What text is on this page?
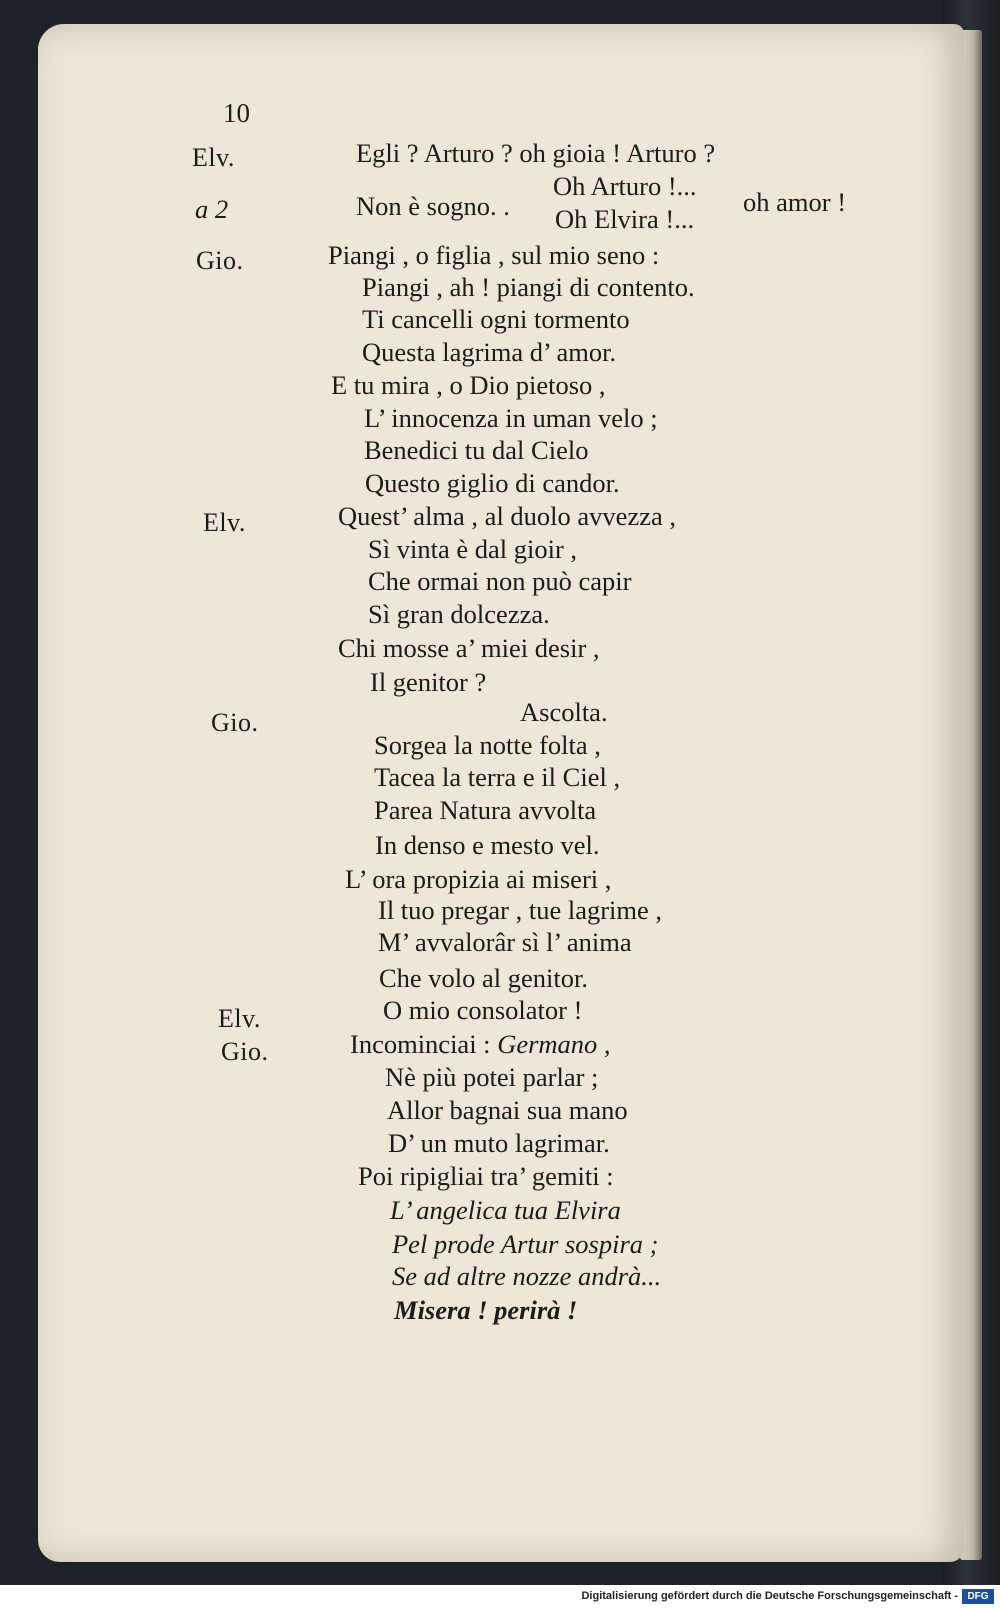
10
Elv.	Egli ? Arturo ? oh gioia ! Arturo ?
a 2	Non è sogno. .
Oh Arturo !...
Oh Elvira !...
oh amor !
Gio.	Piangi , o figlia , sul mio seno :
Piangi , ah ! piangi di contento.
Ti cancelli ogni tormento
Questa lagrima d’ amor.
E tu mira , o Dio pietoso ,
L’ innocenza in uman velo ;
Benedici tu dal Cielo
Questo giglio di candor.
Elv.	Quest’ alma , al duolo avvezza ,
Sì vinta è dal gioir ,
Che ormai non può capir
Sì gran dolcezza.
Chi mosse a’ miei desir ,
Il genitor ?
Gio.	Ascolta.
Sorgea la notte folta ,
Tacea la terra e il Ciel ,
Parea Natura avvolta
In denso e mesto vel.
L’ ora propizia ai miseri ,
Il tuo pregar , tue lagrime ,
M’ avvalorâr sì l’ anima
Che volo al genitor.
Elv.	O mio consolator !
Gio.	Incominciai : Germano ,
Nè più potei parlar ;
Allor bagnai sua mano
D’ un muto lagrimar.
Poi ripigliai tra’ gemiti :
L’ angelica tua Elvira
Pel prode Artur sospira ;
Se ad altre nozze andrà...
Misera ! perirà !
Digitalisierung gefördert durch die Deutsche Forschungsgemeinschaft - DFG
